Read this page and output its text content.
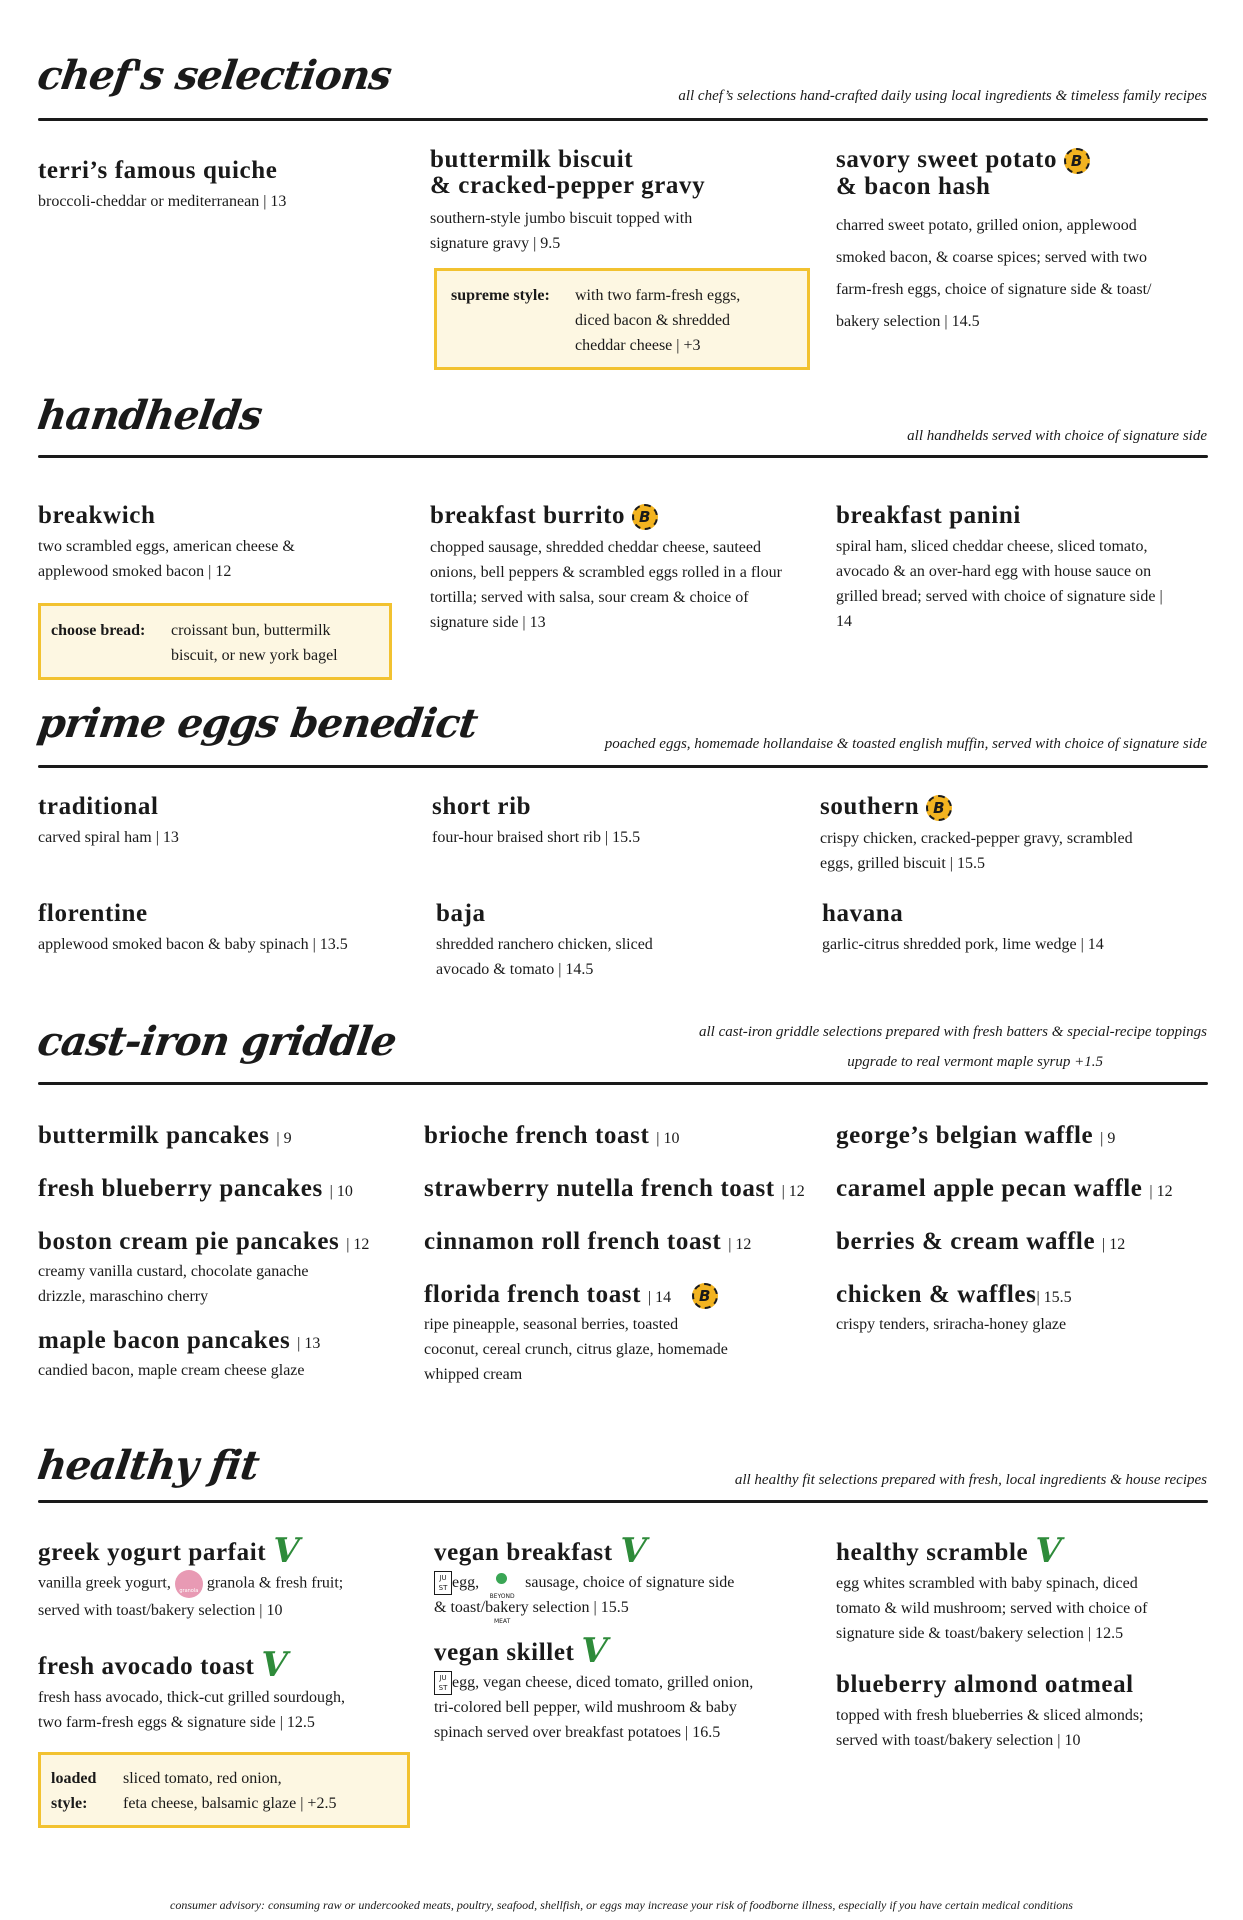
chef's selections	all chef’s selections hand-crafted daily using local ingredients & timeless family recipes
terri’s famous quiche
broccoli-cheddar or mediterranean | 13
buttermilk biscuit
& cracked-pepper gravy
southern-style jumbo biscuit topped with
signature gravy | 9.5
supreme style: with two farm-fresh eggs,
diced bacon & shredded
cheddar cheese | +3
savory sweet potato B
& bacon hash
charred sweet potato, grilled onion, applewood
smoked bacon, & coarse spices; served with two
farm-fresh eggs, choice of signature side & toast/
bakery selection | 14.5
handhelds	all handhelds served with choice of signature side
breakwich
two scrambled eggs, american cheese &
applewood smoked bacon | 12
choose bread: croissant bun, buttermilk
biscuit, or new york bagel
breakfast burrito B
chopped sausage, shredded cheddar cheese, sauteed
onions, bell peppers & scrambled eggs rolled in a flour
tortilla; served with salsa, sour cream & choice of
signature side | 13
breakfast panini
spiral ham, sliced cheddar cheese, sliced tomato,
avocado & an over-hard egg with house sauce on
grilled bread; served with choice of signature side |
14
prime eggs benedict	poached eggs, homemade hollandaise & toasted english muffin, served with choice of signature side
traditional
carved spiral ham | 13
short rib
four-hour braised short rib | 15.5
southern B
crispy chicken, cracked-pepper gravy, scrambled
eggs, grilled biscuit | 15.5
florentine
applewood smoked bacon & baby spinach | 13.5
baja
shredded ranchero chicken, sliced
avocado & tomato | 14.5
havana
garlic-citrus shredded pork, lime wedge | 14
cast-iron griddle	all cast-iron griddle selections prepared with fresh batters & special-recipe toppings
upgrade to real vermont maple syrup +1.5
buttermilk pancakes | 9
fresh blueberry pancakes | 10
boston cream pie pancakes | 12
creamy vanilla custard, chocolate ganache
drizzle, maraschino cherry
maple bacon pancakes | 13
candied bacon, maple cream cheese glaze
brioche french toast | 10
strawberry nutella french toast | 12
cinnamon roll french toast | 12
florida french toast | 14 B
ripe pineapple, seasonal berries, toasted
coconut, cereal crunch, citrus glaze, homemade
whipped cream
george’s belgian waffle | 9
caramel apple pecan waffle | 12
berries & cream waffle | 12
chicken & waffles| 15.5
crispy tenders, sriracha-honey glaze
healthy fit	all healthy fit selections prepared with fresh, local ingredients & house recipes
greek yogurt parfait V
vanilla greek yogurt,	granola granola & fresh fruit;
served with toast/bakery selection | 10
fresh avocado toast V
fresh hass avocado, thick-cut grilled sourdough,
two farm-fresh eggs & signature side | 12.5
loaded
style:
sliced tomato, red onion,
feta cheese, balsamic glaze | +2.5
vegan breakfast V
JU ST egg,
BEYOND MEAT
sausage, choice of signature side
& toast/bakery selection | 15.5
vegan skillet V
JU ST egg, vegan cheese, diced tomato, grilled onion,
tri-colored bell pepper, wild mushroom & baby
spinach served over breakfast potatoes | 16.5
healthy scramble V
egg whites scrambled with baby spinach, diced
tomato & wild mushroom; served with choice of
signature side & toast/bakery selection | 12.5
blueberry almond oatmeal
topped with fresh blueberries & sliced almonds;
served with toast/bakery selection | 10
consumer advisory: consuming raw or undercooked meats, poultry, seafood, shellfish, or eggs may increase your risk of foodborne illness, especially if you have certain medical conditions
